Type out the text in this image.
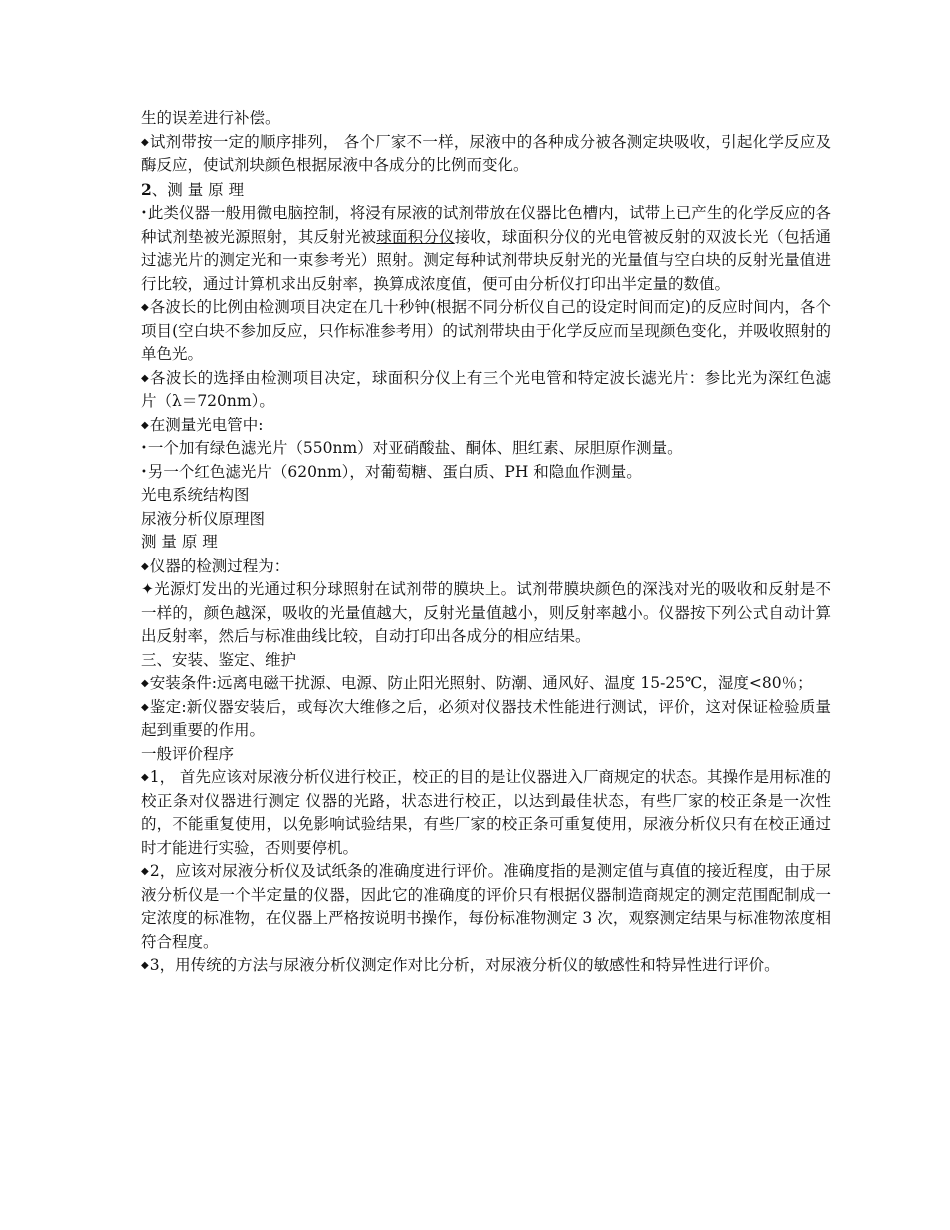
生的误差进行补偿。

◆试剂带按一定的顺序排列， 各个厂家不一样，尿液中的各种成分被各测定块吸收，引起化学反应及酶反应，使试剂块颜色根据尿液中各成分的比例而变化。

2、测 量 原 理

•此类仪器一般用微电脑控制，将浸有尿液的试剂带放在仪器比色槽内，试带上已产生的化学反应的各种试剂垫被光源照射，其反射光被球面积分仪接收，球面积分仪的光电管被反射的双波长光（包括通过滤光片的测定光和一束参考光）照射。测定每种试剂带块反射光的光量值与空白块的反射光量值进行比较，通过计算机求出反射率，换算成浓度值，便可由分析仪打印出半定量的数值。

◆各波长的比例由检测项目决定在几十秒钟(根据不同分析仪自己的设定时间而定)的反应时间内，各个项目(空白块不参加反应，只作标准参考用）的试剂带块由于化学反应而呈现颜色变化，并吸收照射的单色光。

◆各波长的选择由检测项目决定，球面积分仪上有三个光电管和特定波长滤光片：参比光为深红色滤片（λ＝720nm）。

◆在测量光电管中:

•一个加有绿色滤光片（550nm）对亚硝酸盐、酮体、胆红素、尿胆原作测量。

•另一个红色滤光片（620nm），对葡萄糖、蛋白质、PH 和隐血作测量。

光电系统结构图

尿液分析仪原理图

测 量 原 理

◆仪器的检测过程为：

✦光源灯发出的光通过积分球照射在试剂带的膜块上。试剂带膜块颜色的深浅对光的吸收和反射是不一样的，颜色越深，吸收的光量值越大，反射光量值越小，则反射率越小。仪器按下列公式自动计算出反射率，然后与标准曲线比较，自动打印出各成分的相应结果。

三、安装、鉴定、维护

◆安装条件:远离电磁干扰源、电源、防止阳光照射、防潮、通风好、温度 15-25℃，湿度<80％；

◆鉴定:新仪器安装后，或每次大维修之后，必须对仪器技术性能进行测试，评价，这对保证检验质量起到重要的作用。

一般评价程序

◆1， 首先应该对尿液分析仪进行校正，校正的目的是让仪器进入厂商规定的状态。其操作是用标准的校正条对仪器进行测定 仪器的光路，状态进行校正，以达到最佳状态，有些厂家的校正条是一次性的，不能重复使用，以免影响试验结果，有些厂家的校正条可重复使用，尿液分析仪只有在校正通过时才能进行实验，否则要停机。

◆2，应该对尿液分析仪及试纸条的准确度进行评价。准确度指的是测定值与真值的接近程度，由于尿液分析仪是一个半定量的仪器，因此它的准确度的评价只有根据仪器制造商规定的测定范围配制成一定浓度的标准物，在仪器上严格按说明书操作，每份标准物测定 3 次，观察测定结果与标准物浓度相符合程度。

◆3，用传统的方法与尿液分析仪测定作对比分析，对尿液分析仪的敏感性和特异性进行评价。
